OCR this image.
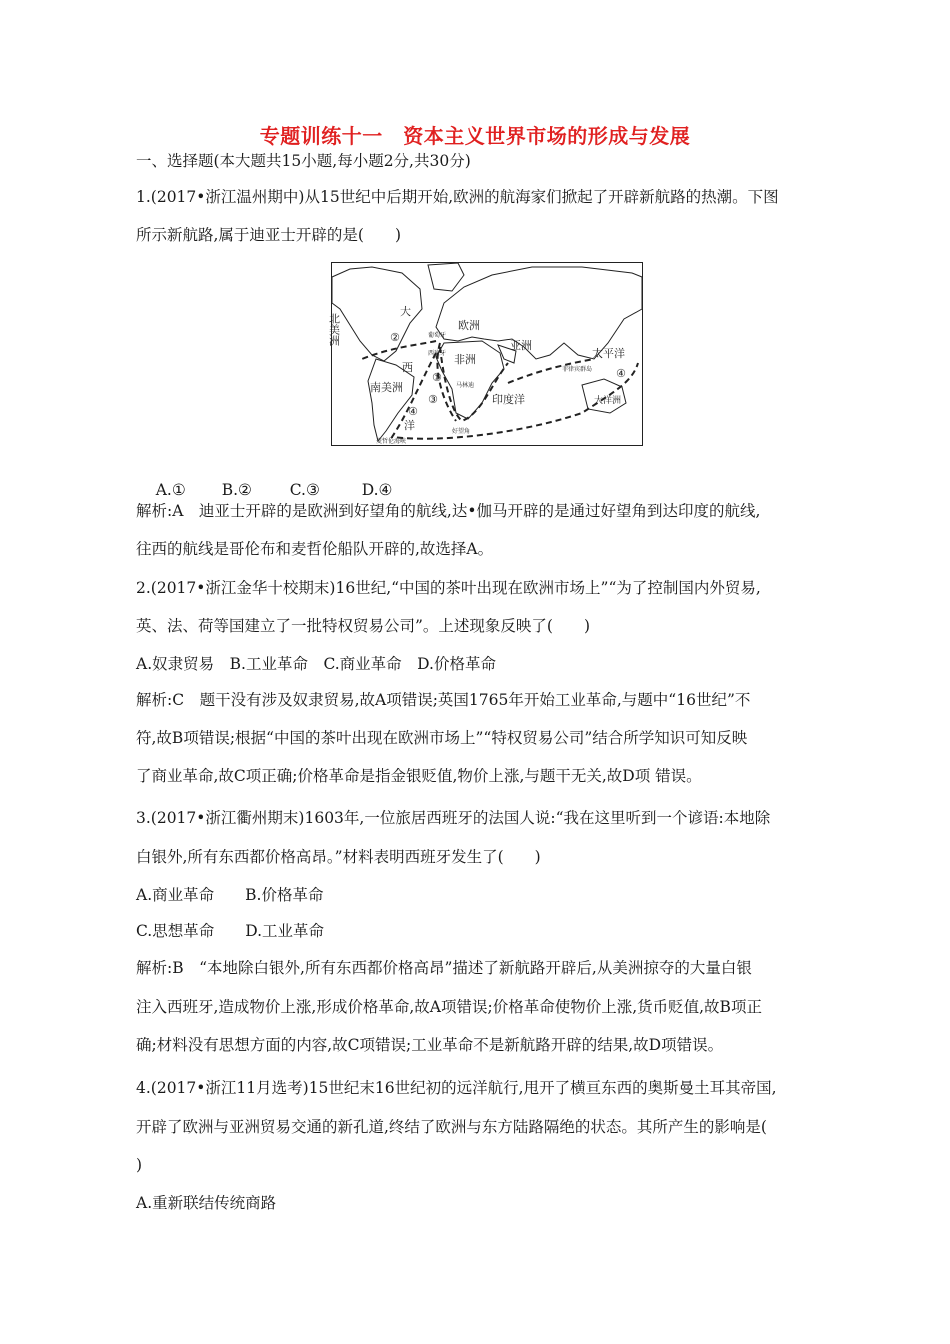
专题训练十一　资本主义世界市场的形成与发展
一、选择题(本大题共15小题,每小题2分,共30分)
1.(2017•浙江温州期中)从15世纪中后期开始,欧洲的航海家们掀起了开辟新航路的热潮。下图
所示新航路,属于迪亚士开辟的是(　　)
北美洲
大
欧洲
亚洲
非洲
西
南美洲
洋
太平洋
印度洋	大洋洲
葡萄牙
西班牙
马林迪
好望角
麦哲伦海峡
菲律宾群岛
①
②
③
④
④

A.① B.② C.③	D.④

解析:A　迪亚士开辟的是欧洲到好望角的航线,达•伽马开辟的是通过好望角到达印度的航线,
往西的航线是哥伦布和麦哲伦船队开辟的,故选择A。
2.(2017•浙江金华十校期末)16世纪,“中国的茶叶出现在欧洲市场上”“为了控制国内外贸易,
英、法、荷等国建立了一批特权贸易公司”。上述现象反映了(　　)
A.奴隶贸易　B.工业革命　C.商业革命　D.价格革命
解析:C　题干没有涉及奴隶贸易,故A项错误;英国1765年开始工业革命,与题中“16世纪”不
符,故B项错误;根据“中国的茶叶出现在欧洲市场上”“特权贸易公司”结合所学知识可知反映
了商业革命,故C项正确;价格革命是指金银贬值,物价上涨,与题干无关,故D项 错误。
3.(2017•浙江衢州期末)1603年,一位旅居西班牙的法国人说:“我在这里听到一个谚语:本地除
白银外,所有东西都价格高昂。”材料表明西班牙发生了(　　)
A.商业革命　　B.价格革命
C.思想革命　　D.工业革命
解析:B　“本地除白银外,所有东西都价格高昂”描述了新航路开辟后,从美洲掠夺的大量白银
注入西班牙,造成物价上涨,形成价格革命,故A项错误;价格革命使物价上涨,货币贬值,故B项正
确;材料没有思想方面的内容,故C项错误;工业革命不是新航路开辟的结果,故D项错误。
4.(2017•浙江11月选考)15世纪末16世纪初的远洋航行,甩开了横亘东西的奥斯曼土耳其帝国,
开辟了欧洲与亚洲贸易交通的新孔道,终结了欧洲与东方陆路隔绝的状态。其所产生的影响是(
)
A.重新联结传统商路
